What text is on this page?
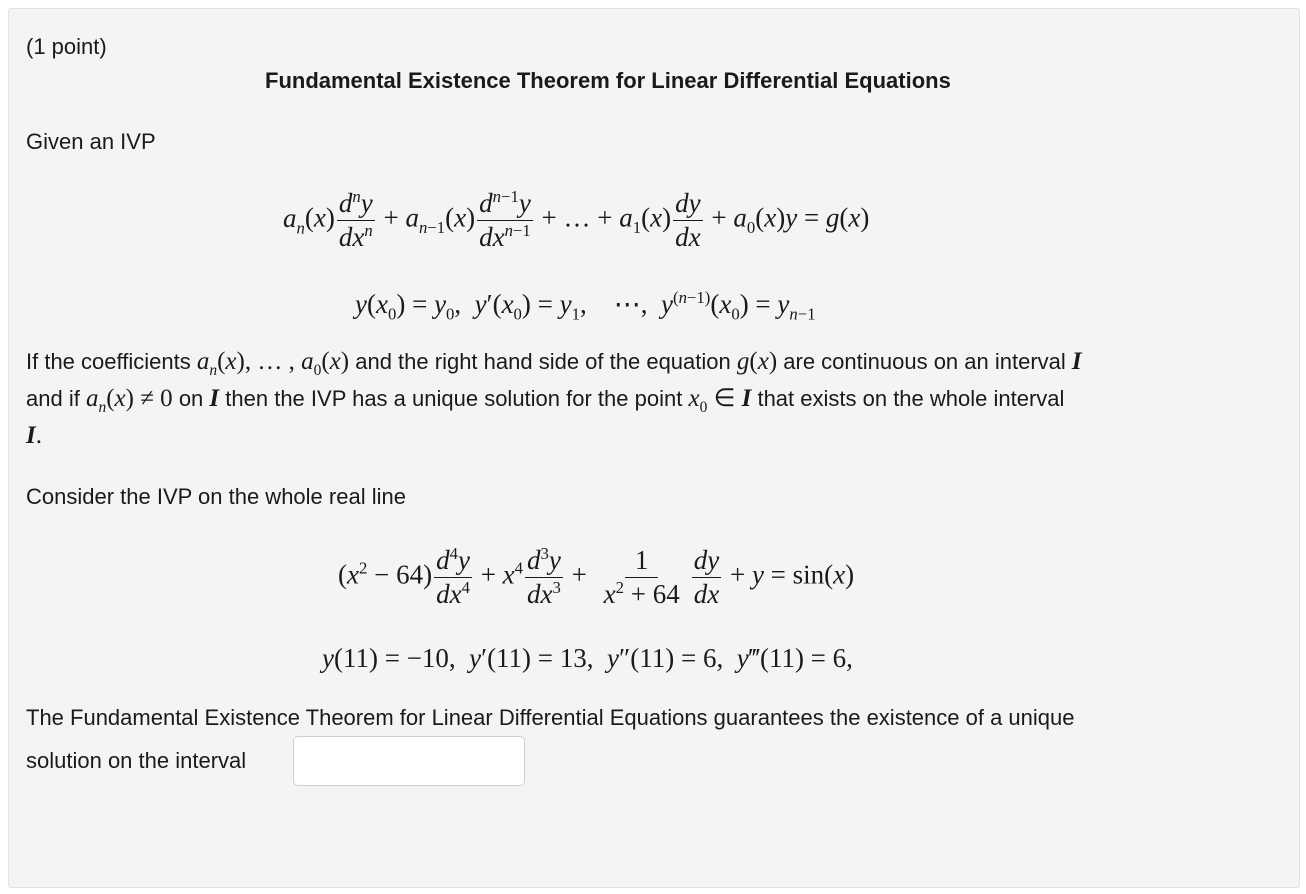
(1 point)
Fundamental Existence Theorem for Linear Differential Equations
Given an IVP
$a_n(x) \frac{d^ny}{dx^n} + a_{n-1}(x) \frac{d^{n-1}y}{dx^{n-1}}$ + … + $a_1(x) \frac{dy}{dx} + a_0(x)y = g(x)$
$y(x_0) = y_0$,  $y'(x_0) = y_1$,    ⋯,  $y^{(n-1)}(x_0) = y_{n-1}$
If the coefficients $a_n(x)$, … , $a_0(x)$ and the right hand side of the equation g(x) are continuous on an interval I
and if $a_n(x) \ne 0$ on I then the IVP has a unique solution for the point $x_0$ ∈ I that exists on the whole interval
I.
Consider the IVP on the whole real line
$(x^2 - 64) \frac{d^4y}{dx^4} + x^4 \frac{d^3y}{dx^3} + \frac{1}{x^2 + 64} \frac{dy}{dx} + y = \sin(x)$
y(11) = −10,  y′(11) = 13,  y″(11) = 6,  y‴(11) = 6,
The Fundamental Existence Theorem for Linear Differential Equations guarantees the existence of a unique
solution on the interval
